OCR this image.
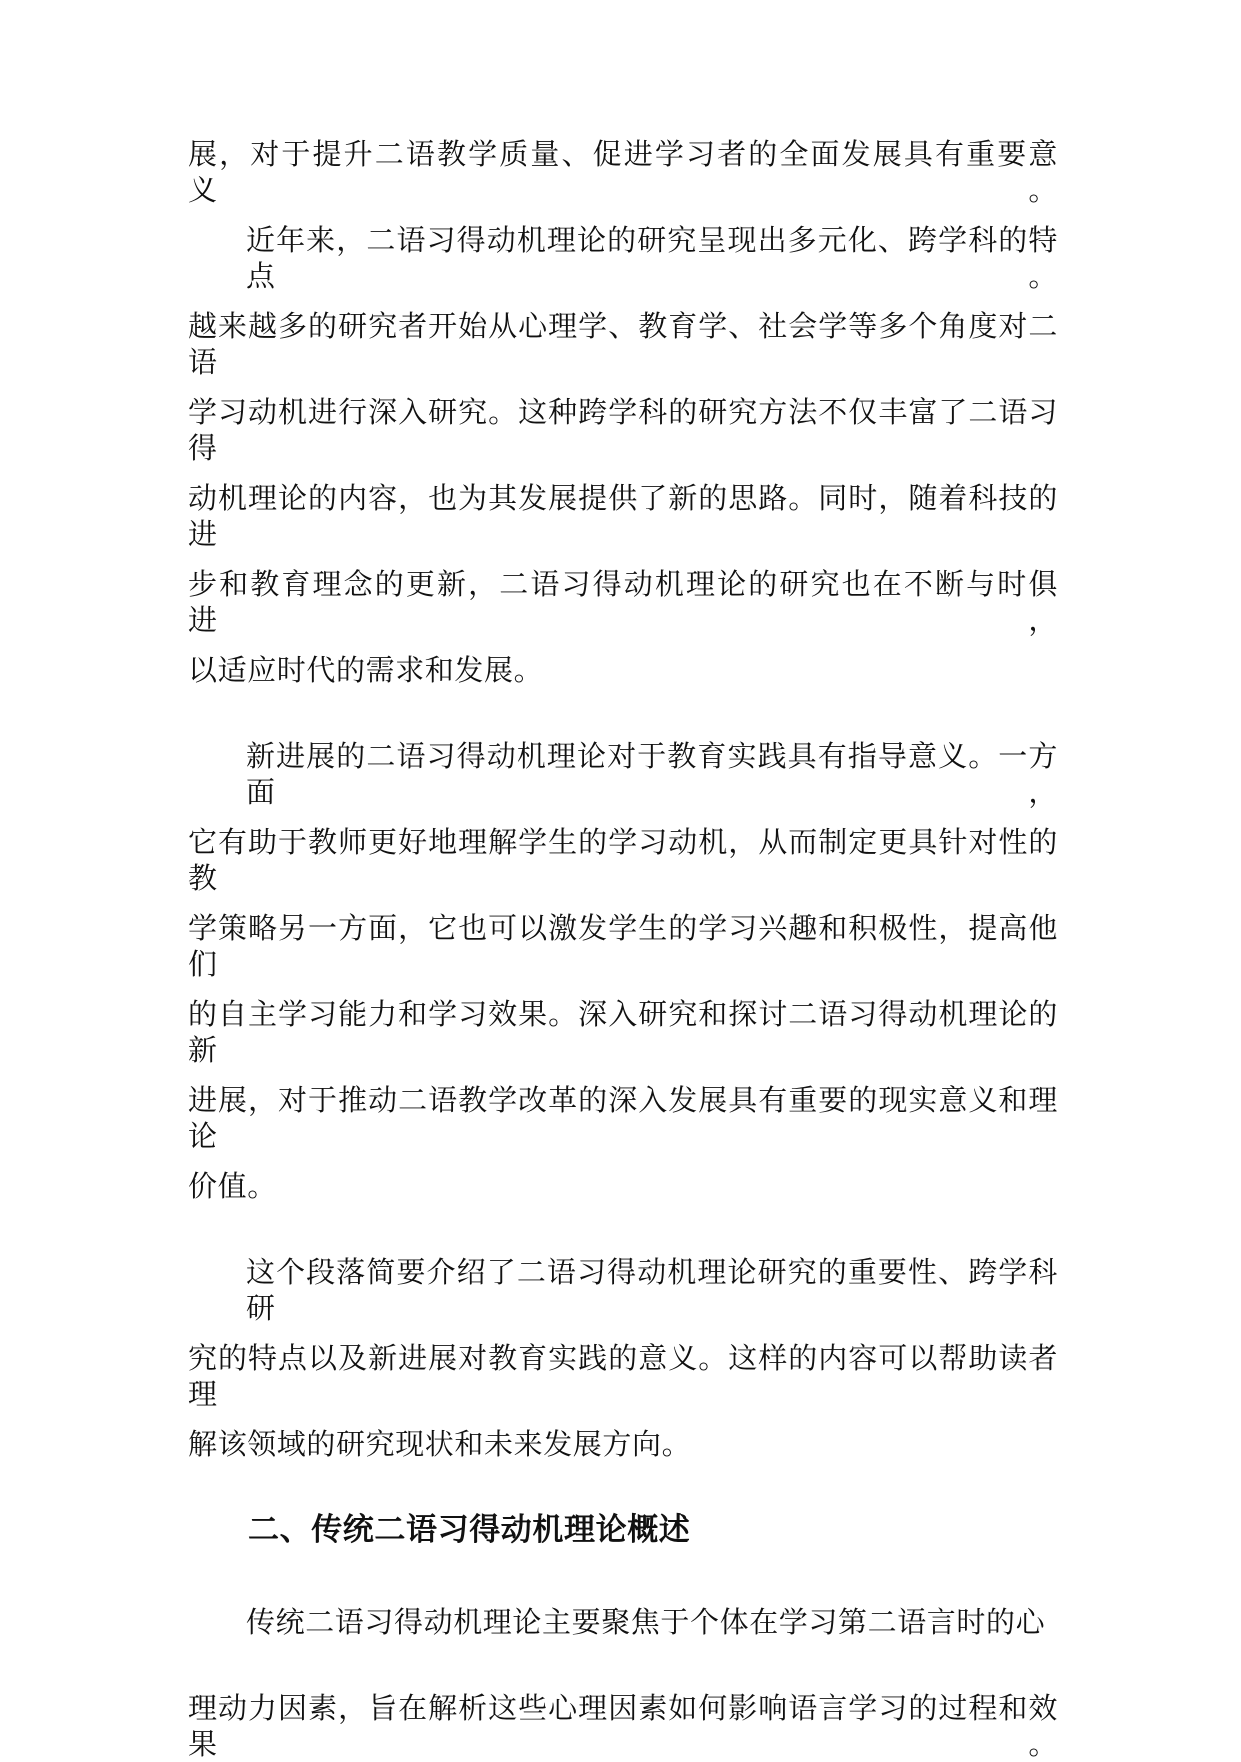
展，对于提升二语教学质量、促进学习者的全面发展具有重要意义。
近年来，二语习得动机理论的研究呈现出多元化、跨学科的特点。
越来越多的研究者开始从心理学、教育学、社会学等多个角度对二语
学习动机进行深入研究。这种跨学科的研究方法不仅丰富了二语习得
动机理论的内容，也为其发展提供了新的思路。同时，随着科技的进
步和教育理念的更新，二语习得动机理论的研究也在不断与时俱进，
以适应时代的需求和发展。
新进展的二语习得动机理论对于教育实践具有指导意义。一方面，
它有助于教师更好地理解学生的学习动机，从而制定更具针对性的教
学策略另一方面，它也可以激发学生的学习兴趣和积极性，提高他们
的自主学习能力和学习效果。深入研究和探讨二语习得动机理论的新
进展，对于推动二语教学改革的深入发展具有重要的现实意义和理论
价值。
这个段落简要介绍了二语习得动机理论研究的重要性、跨学科研
究的特点以及新进展对教育实践的意义。这样的内容可以帮助读者理
解该领域的研究现状和未来发展方向。
二、传统二语习得动机理论概述
传统二语习得动机理论主要聚焦于个体在学习第二语言时的心
理动力因素，旨在解析这些心理因素如何影响语言学习的过程和效果。
